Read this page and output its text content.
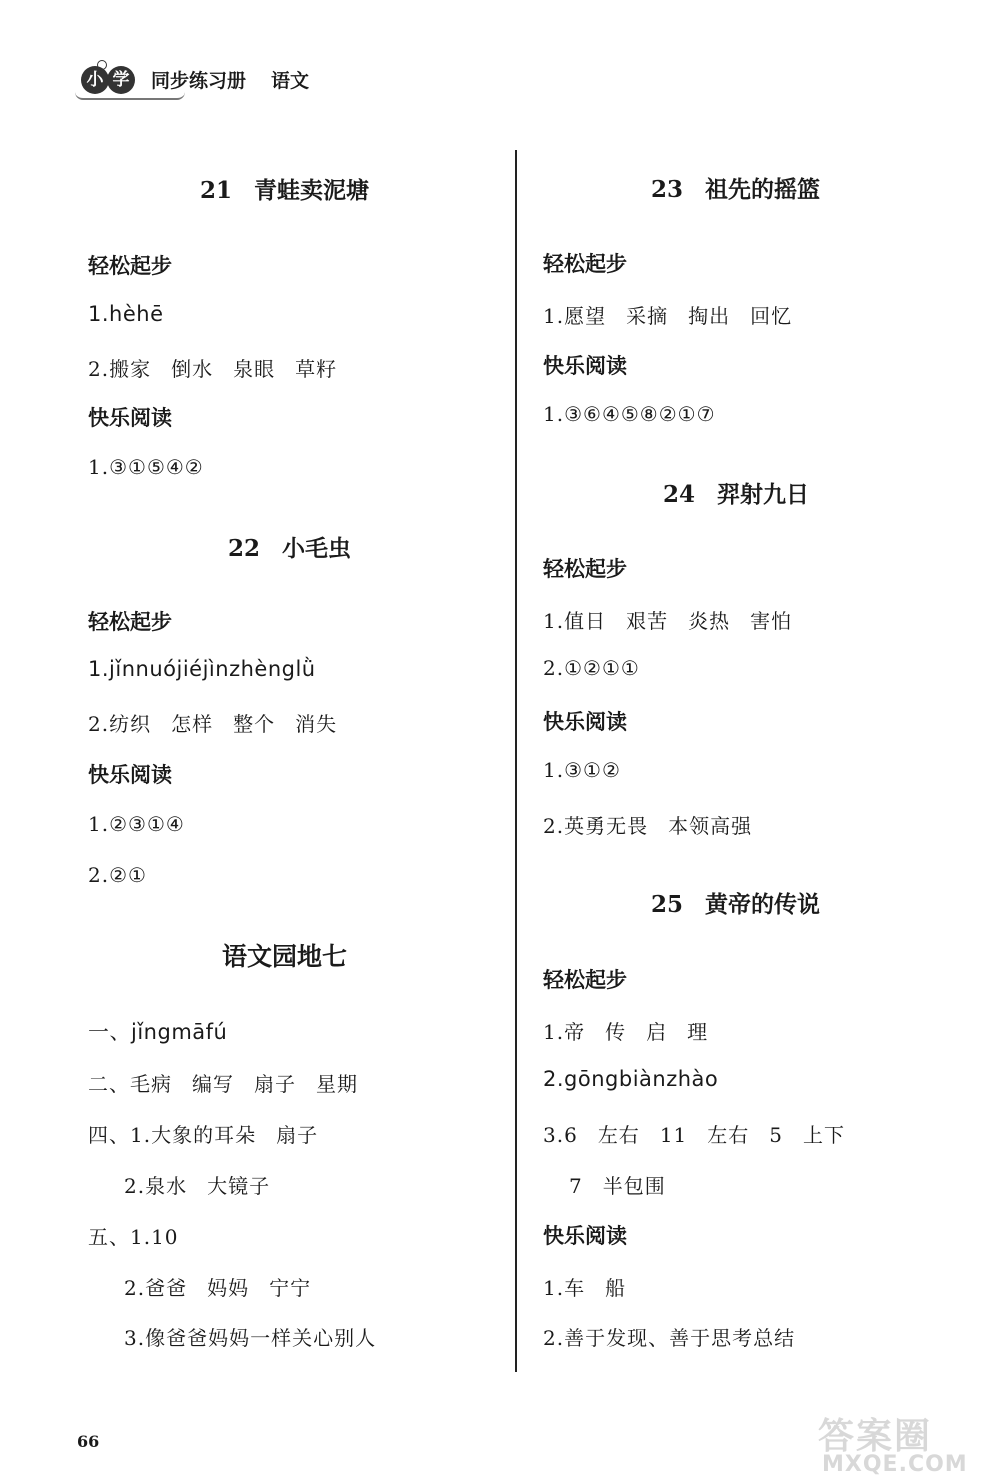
小 学 同步练习册 语文
21 青蛙卖泥塘
轻松起步
1.hèhē
2.搬家 倒水 泉眼 草籽
快乐阅读
1.③①⑤④②
22 小毛虫
轻松起步
1.jǐnnuójiéjìnzhènglǜ
2.纺织 怎样 整个 消失
快乐阅读
1.②③①④
2.②①
语文园地七
一、jǐngmāfú
二、毛病 编写 扇子 星期
四、1.大象的耳朵 扇子
2.泉水 大镜子
五、1.10
2.爸爸 妈妈 宁宁
3.像爸爸妈妈一样关心别人
23 祖先的摇篮
轻松起步
1.愿望 采摘 掏出 回忆
快乐阅读
1.③⑥④⑤⑧②①⑦
24 羿射九日
轻松起步
1.值日 艰苦 炎热 害怕
2.①②①①
快乐阅读
1.③①②
2.英勇无畏 本领高强
25 黄帝的传说
轻松起步
1.帝 传 启 理
2.gōngbiànzhào
3.6 左右 11 左右 5 上下
7 半包围
快乐阅读
1.车 船
2.善于发现、善于思考总结
66	答案圈
MXQE.COM
